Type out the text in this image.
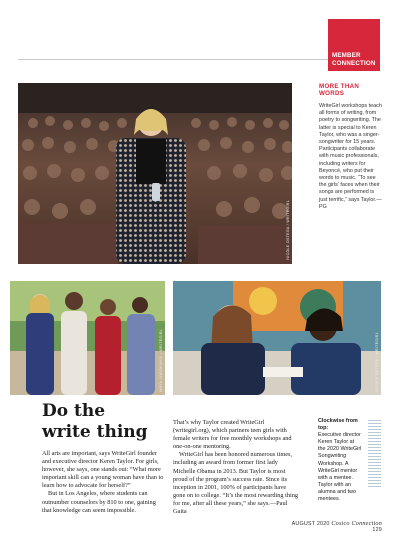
MEMBER
CONNECTION
NICOLE OSTEGA / WRITEGIRL
MORE THAN
WORDS
WriteGirl workshops teach all forms of writing, from poetry to songwriting. The latter is special to Keren Taylor, who was a singer-songwriter for 15 years. Participants collaborate with music professionals, including writers for Beyoncé, who put their words to music. “To see the girls’ faces when their songs are performed is just terrific,” says Taylor.—PG
MAYA SOROKAHSI / WRITEGIRL	NICOLE OSTEGA / WRITEGIRL
Do the
write thing

All arts are important, says WriteGirl founder and executive director Keren Taylor. For girls, however, she says, one stands out: “What more important skill can a young woman have than to learn how to advocate for herself?”

But in Los Angeles, where students can outnumber counselors by 810 to one, gaining that knowledge can seem impossible.

That’s why Taylor created WriteGirl (writegirl.org), which partners teen girls with female writers for free monthly workshops and one-on-one mentoring.

WriteGirl has been honored numerous times, including an award from former first lady Michelle Obama in 2013. But Taylor is most proud of the program’s success rate. Since its inception in 2001, 100% of participants have gone on to college. “It’s the most rewarding thing for me, after all these years,” she says.—Paul Gaita

Clockwise from top:
Executive director Keren Taylor at the 2020 WriteGirl Songwriting Workshop. A WriteGirl mentor with a mentee. Taylor with an alumna and two mentees.
AUGUST 2020 Costco Connection 129
